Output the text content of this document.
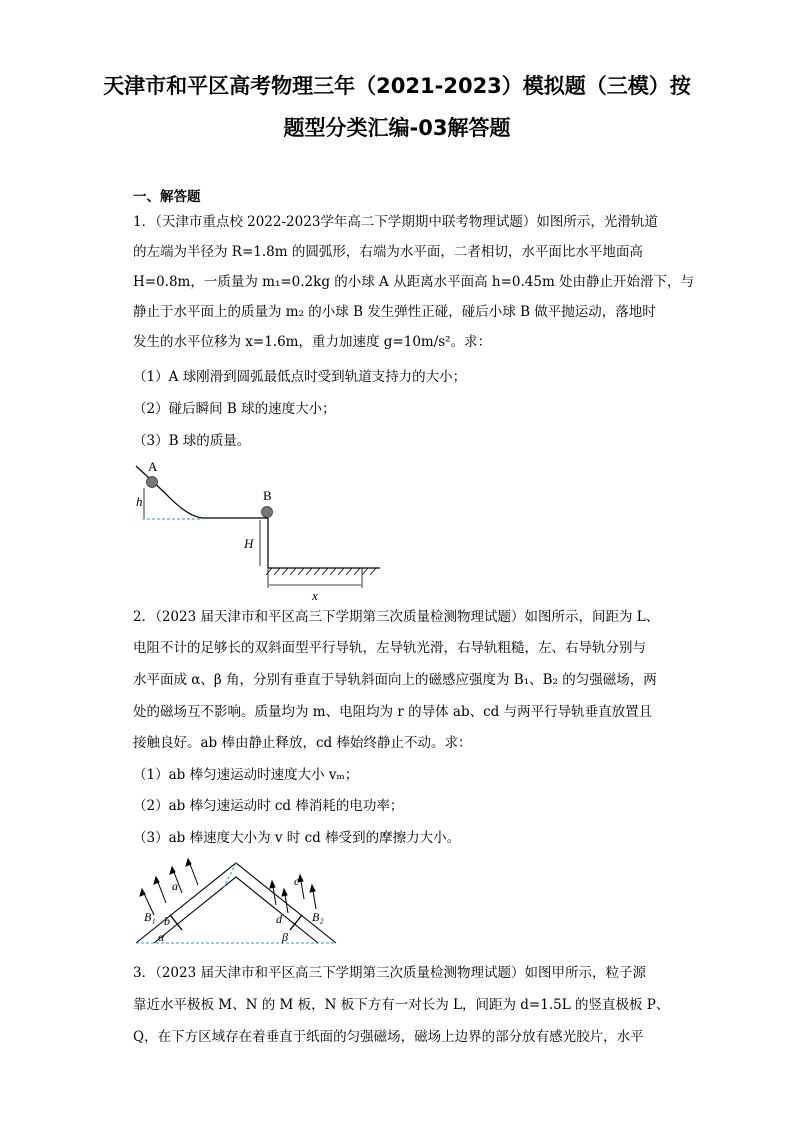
天津市和平区高考物理三年（2021-2023）模拟题（三模）按
题型分类汇编-03解答题
一、解答题
1．（天津市重点校 2022-2023学年高二下学期期中联考物理试题）如图所示，光滑轨道
的左端为半径为 R=1.8m 的圆弧形，右端为水平面，二者相切，水平面比水平地面高
H=0.8m，一质量为 m₁=0.2kg 的小球 A 从距离水平面高 h=0.45m 处由静止开始滑下，与
静止于水平面上的质量为 m₂ 的小球 B 发生弹性正碰，碰后小球 B 做平抛运动，落地时
发生的水平位移为 x=1.6m，重力加速度 g=10m/s²。求：
（1）A 球刚滑到圆弧最低点时受到轨道支持力的大小；
（2）碰后瞬间 B 球的速度大小；
（3）B 球的质量。
A
h	B
H
x
2．（2023 届天津市和平区高三下学期第三次质量检测物理试题）如图所示，间距为 L、
电阻不计的足够长的双斜面型平行导轨，左导轨光滑，右导轨粗糙，左、右导轨分别与
水平面成 α、β 角，分别有垂直于导轨斜面向上的磁感应强度为 B₁、B₂ 的匀强磁场，两
处的磁场互不影响。质量均为 m、电阻均为 r 的导体 ab、cd 与两平行导轨垂直放置且
接触良好。ab 棒由静止释放，cd 棒始终静止不动。求：
（1）ab 棒匀速运动时速度大小 vₘ；
（2）ab 棒匀速运动时 cd 棒消耗的电功率；
（3）ab 棒速度大小为 v 时 cd 棒受到的摩擦力大小。
a
b
c
d
B₁	B₂
α	β
3．（2023 届天津市和平区高三下学期第三次质量检测物理试题）如图甲所示，粒子源
靠近水平极板 M、N 的 M 板，N 板下方有一对长为 L，间距为 d=1.5L 的竖直极板 P、
Q，在下方区域存在着垂直于纸面的匀强磁场，磁场上边界的部分放有感光胶片，水平
